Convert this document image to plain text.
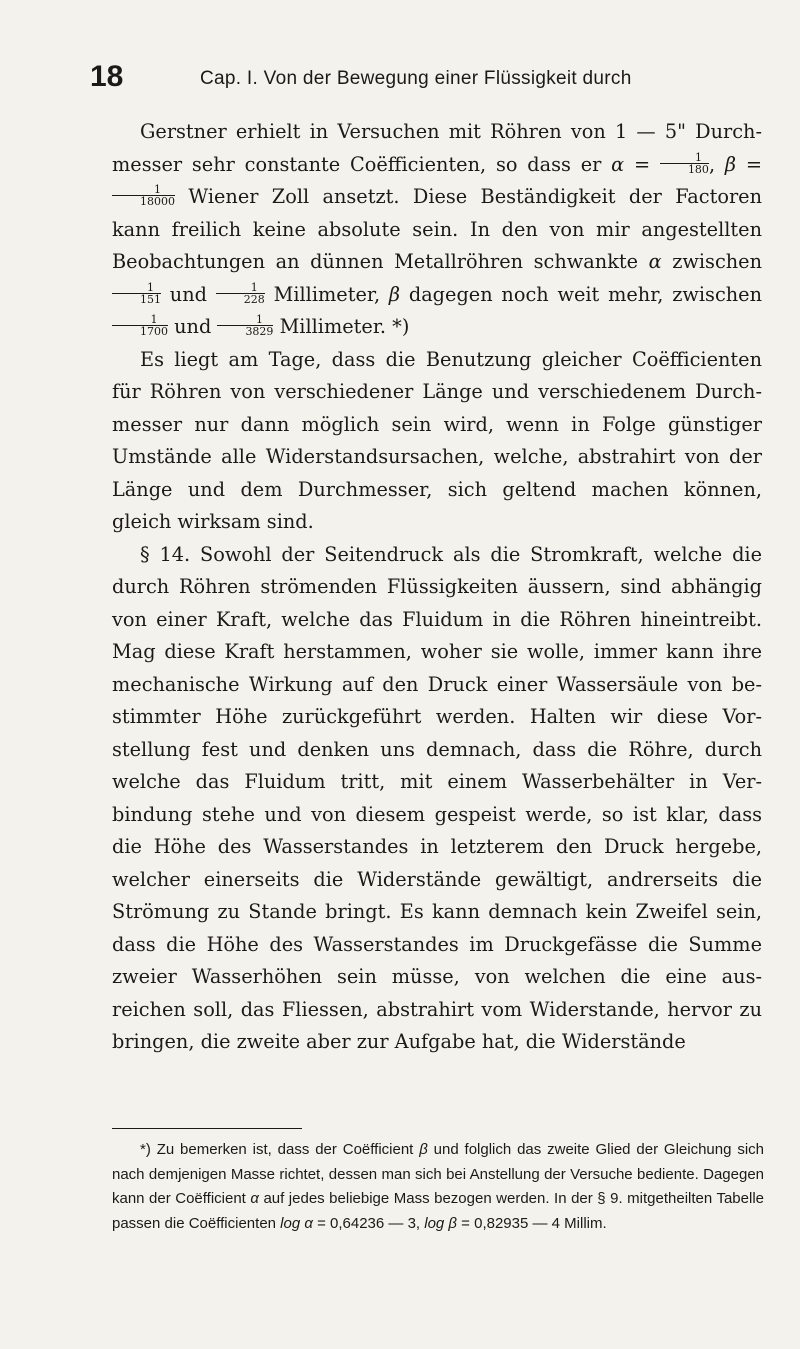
18	Cap. I. Von der Bewegung einer Flüssigkeit durch

Gerstner erhielt in Versuchen mit Röhren von 1 — 5" Durch-messer sehr constante Coëfficienten, so dass er $\alpha = \frac{1}{180}$ , β =
$\frac{1}{18000}$ Wiener Zoll ansetzt. Diese Beständigkeit der Factoren kann freilich keine absolute sein. In den von mir angestellten Beobachtungen an dünnen Metallröhren schwankte α zwischen
$\frac{1}{151}$ und $\frac{1}{228}$ Millimeter, β dagegen noch weit mehr, zwischen
$\frac{1}{1700}$ und $\frac{1}{3829}$ Millimeter. *)

Es liegt am Tage, dass die Benutzung gleicher Coëfficienten für Röhren von verschiedener Länge und verschiedenem Durch-messer nur dann möglich sein wird, wenn in Folge günstiger Umstände alle Widerstandsursachen, welche, abstrahirt von der Länge und dem Durchmesser, sich geltend machen können, gleich wirksam sind.

§ 14. Sowohl der Seitendruck als die Stromkraft, welche die durch Röhren strömenden Flüssigkeiten äussern, sind abhängig von einer Kraft, welche das Fluidum in die Röhren hineintreibt. Mag diese Kraft herstammen, woher sie wolle, immer kann ihre mechanische Wirkung auf den Druck einer Wassersäule von be-stimmter Höhe zurückgeführt werden. Halten wir diese Vor-stellung fest und denken uns demnach, dass die Röhre, durch welche das Fluidum tritt, mit einem Wasserbehälter in Ver-bindung stehe und von diesem gespeist werde, so ist klar, dass die Höhe des Wasserstandes in letzterem den Druck hergebe, welcher einerseits die Widerstände gewältigt, andrerseits die Strömung zu Stande bringt. Es kann demnach kein Zweifel sein, dass die Höhe des Wasserstandes im Druckgefässe die Summe zweier Wasserhöhen sein müsse, von welchen die eine aus-reichen soll, das Fliessen, abstrahirt vom Widerstande, hervor zu bringen, die zweite aber zur Aufgabe hat, die Widerstände

*) Zu bemerken ist, dass der Coëfficient β und folglich das zweite Glied der Gleichung sich nach demjenigen Masse richtet, dessen man sich bei Anstellung der Versuche bediente. Dagegen kann der Coëfficient α auf jedes beliebige Mass bezogen werden. In der § 9. mitgetheilten Tabelle passen die Coëfficienten log α = 0,64236 — 3, log β = 0,82935 — 4 Millim.
